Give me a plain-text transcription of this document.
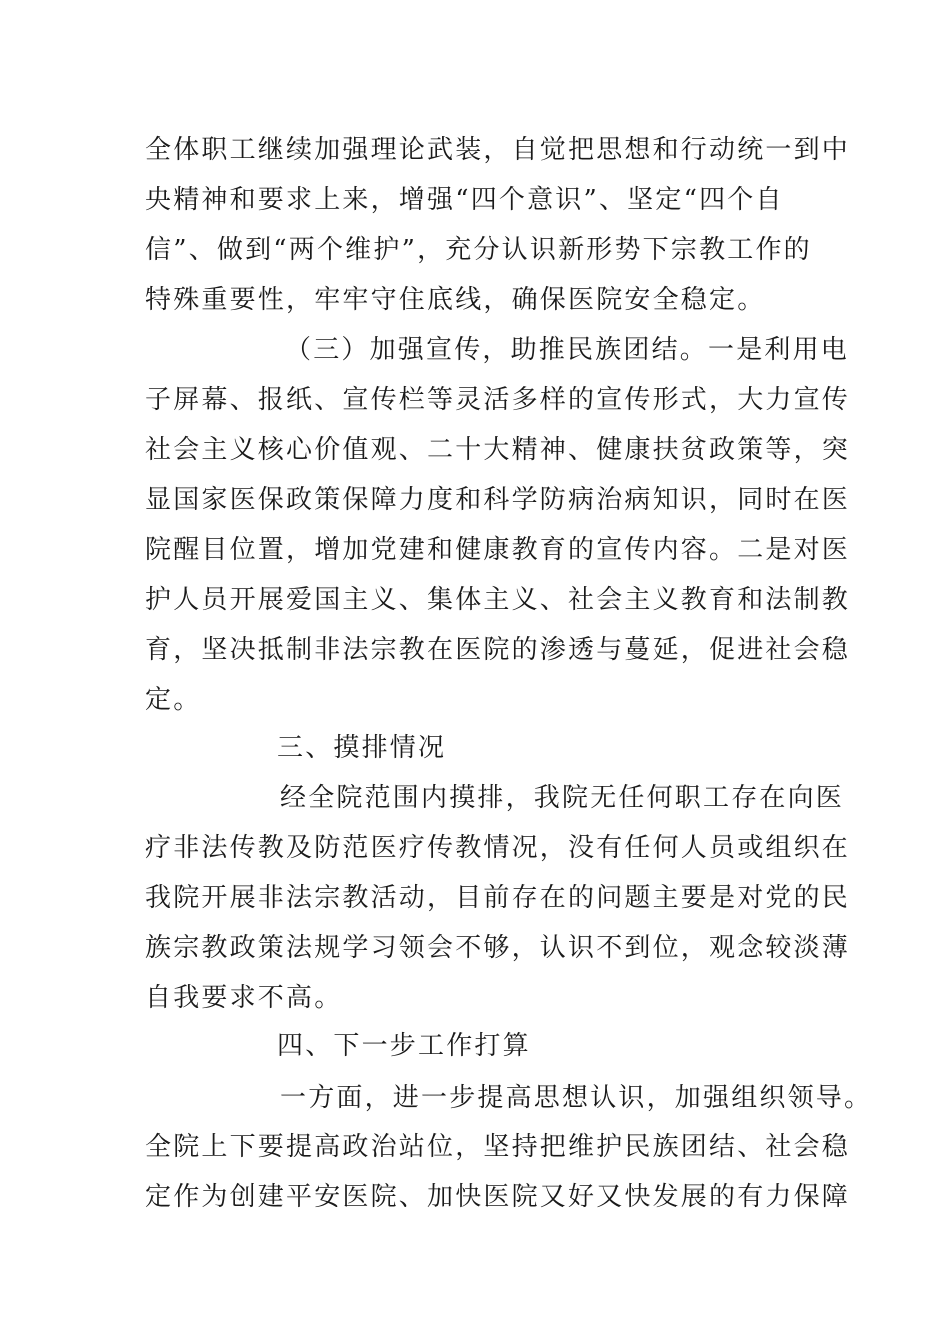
全体职工继续加强理论武装，自觉把思想和行动统一到中
央精神和要求上来，增强“四个意识”、坚定“四个自
信”、做到“两个维护”，充分认识新形势下宗教工作的
特殊重要性，牢牢守住底线，确保医院安全稳定。
（三）加强宣传，助推民族团结。一是利用电
子屏幕、报纸、宣传栏等灵活多样的宣传形式，大力宣传
社会主义核心价值观、二十大精神、健康扶贫政策等，突
显国家医保政策保障力度和科学防病治病知识，同时在医
院醒目位置，增加党建和健康教育的宣传内容。二是对医
护人员开展爱国主义、集体主义、社会主义教育和法制教
育，坚决抵制非法宗教在医院的渗透与蔓延，促进社会稳
定。
三、摸排情况
经全院范围内摸排，我院无任何职工存在向医
疗非法传教及防范医疗传教情况，没有任何人员或组织在
我院开展非法宗教活动，目前存在的问题主要是对党的民
族宗教政策法规学习领会不够，认识不到位，观念较淡薄
自我要求不高。
四、下一步工作打算
一方面，进一步提高思想认识，加强组织领导。
全院上下要提高政治站位，坚持把维护民族团结、社会稳
定作为创建平安医院、加快医院又好又快发展的有力保障
